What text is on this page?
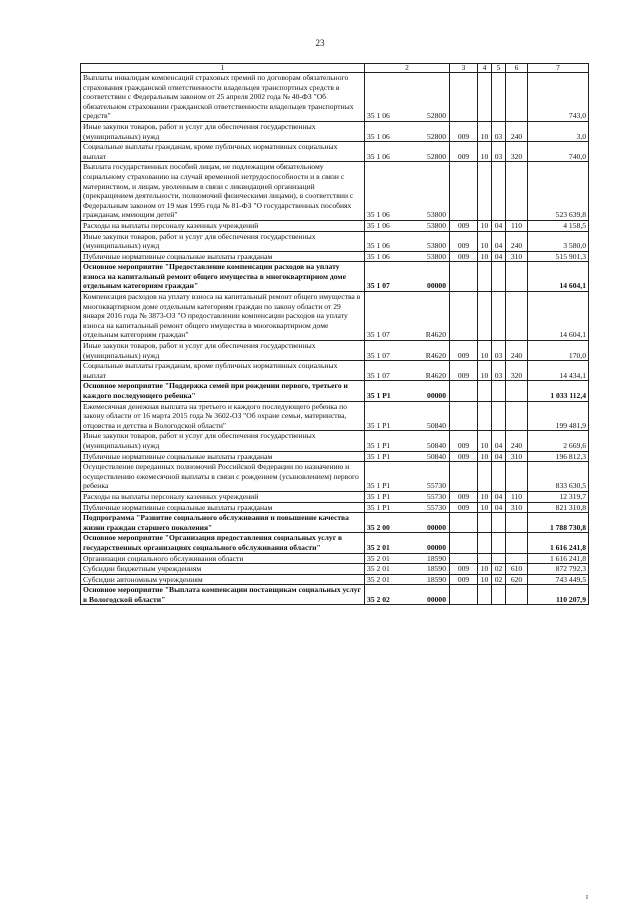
23
1	2		3	4	5	6	7
Выплаты инвалидам компенсаций страховых премий по договорам обязательного страхования гражданской ответственности владельцев транспортных средств в соответствии с Федеральным законом от 25 апреля 2002 года № 40-ФЗ "Об обязательном страховании гражданской ответственности владельцев транспортных средств"	35 1 06	52800					743,0
Иные закупки товаров, работ и услуг для обеспечения государственных (муниципальных) нужд	35 1 06	52800	009	10	03	240	3,0
Социальные выплаты гражданам, кроме публичных нормативных социальных выплат	35 1 06	52800	009	10	03	320	740,0
Выплата государственных пособий лицам, не подлежащим обязательному социальному страхованию на случай временной нетрудоспособности и в связи с материнством, и лицам, уволенным в связи с ликвидацией организаций (прекращением деятельности, полномочий физическими лицами), в соответствии с Федеральным законом от 19 мая 1995 года № 81-ФЗ "О государственных пособиях гражданам, имеющим детей"	35 1 06	53800					523 639,8
Расходы на выплаты персоналу казенных учреждений	35 1 06	53800	009	10	04	110	4 158,5
Иные закупки товаров, работ и услуг для обеспечения государственных (муниципальных) нужд	35 1 06	53800	009	10	04	240	3 580,0
Публичные нормативные социальные выплаты гражданам	35 1 06	53800	009	10	04	310	515 901,3
Основное мероприятие "Предоставление компенсации расходов на уплату взноса на капитальный ремонт общего имущества в многоквартирном доме отдельным категориям граждан"	35 1 07	00000					14 604,1
Компенсация расходов на уплату взноса на капитальный ремонт общего имущества в многоквартирном доме отдельным категориям граждан по закону области от 29 января 2016 года № 3873-ОЗ "О предоставлении компенсации расходов на уплату взноса на капитальный ремонт общего имущества в многоквартирном доме отдельным категориям граждан"	35 1 07	R4620					14 604,1
Иные закупки товаров, работ и услуг для обеспечения государственных (муниципальных) нужд	35 1 07	R4620	009	10	03	240	170,0
Социальные выплаты гражданам, кроме публичных нормативных социальных выплат	35 1 07	R4620	009	10	03	320	14 434,1
Основное мероприятие "Поддержка семей при рождении первого, третьего и каждого последующего ребенка"	35 1 P1	00000					1 033 112,4
Ежемесячная денежная выплата на третьего и каждого последующего ребенка по закону области от 16 марта 2015 года № 3602-ОЗ "Об охране семьи, материнства, отцовства и детства в Вологодской области"	35 1 P1	50840					199 481,9
Иные закупки товаров, работ и услуг для обеспечения государственных (муниципальных) нужд	35 1 P1	50840	009	10	04	240	2 669,6
Публичные нормативные социальные выплаты гражданам	35 1 P1	50840	009	10	04	310	196 812,3
Осуществление переданных полномочий Российской Федерации по назначению и осуществлению ежемесячной выплаты в связи с рождением (усыновлением) первого ребенка	35 1 P1	55730					833 630,5
Расходы на выплаты персоналу казенных учреждений	35 1 P1	55730	009	10	04	110	12 319,7
Публичные нормативные социальные выплаты гражданам	35 1 P1	55730	009	10	04	310	821 310,8
Подпрограмма "Развитие социального обслуживания и повышение качества жизни граждан старшего поколения"	35 2 00	00000					1 788 730,8
Основное мероприятие "Организация предоставления социальных услуг в государственных организациях социального обслуживания области"	35 2 01	00000					1 616 241,8
Организации социального обслуживания области	35 2 01	18590					1 616 241,8
Субсидии бюджетным учреждениям	35 2 01	18590	009	10	02	610	872 792,3
Субсидии автономным учреждениям	35 2 01	18590	009	10	02	620	743 449,5
Основное мероприятие "Выплата компенсации поставщикам социальных услуг в Вологодской области"	35 2 02	00000					110 207,9
I
